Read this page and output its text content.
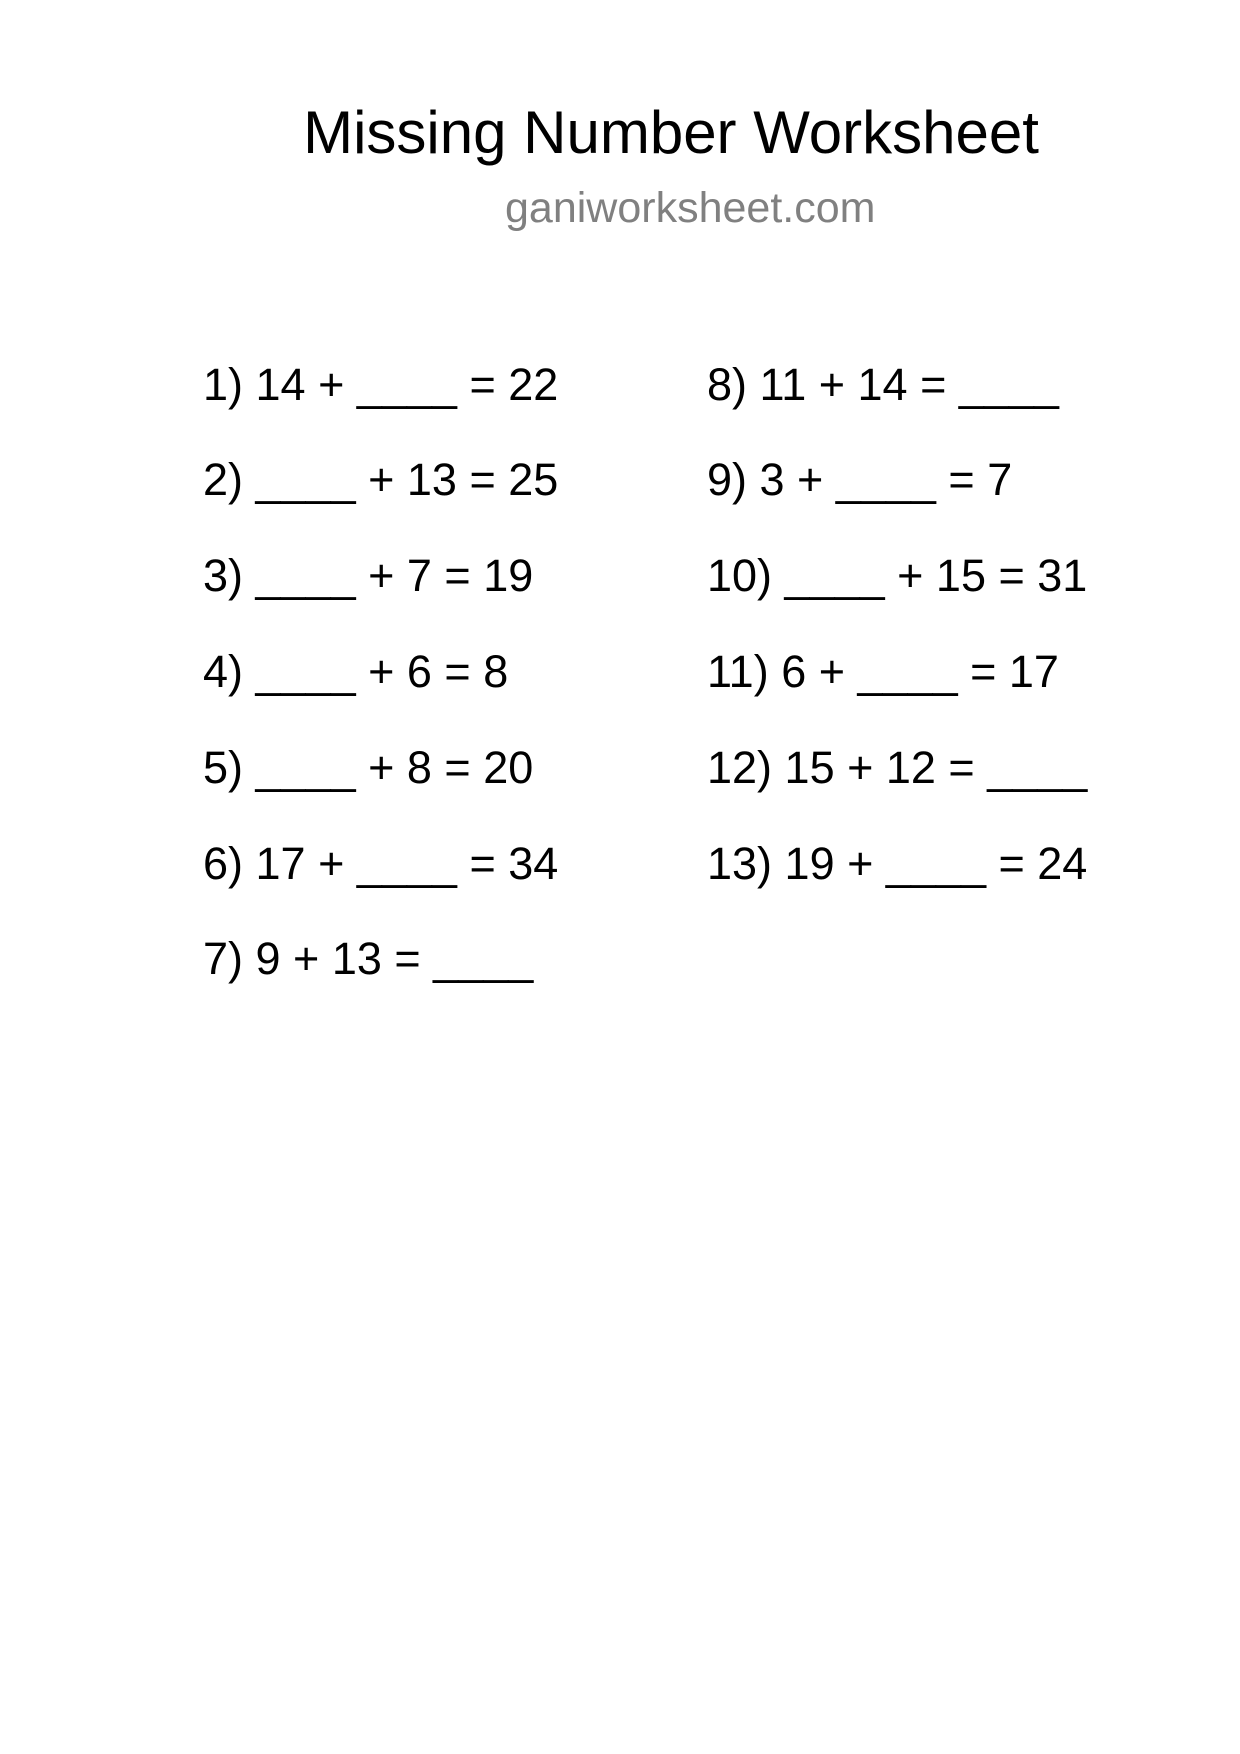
Missing Number Worksheet
ganiworksheet.com
1) 14 + ____ = 22
2) ____ + 13 = 25
3) ____ + 7 = 19
4) ____ + 6 = 8
5) ____ + 8 = 20
6) 17 + ____ = 34
7) 9 + 13 = ____
8) 11 + 14 = ____
9) 3 + ____ = 7
10) ____ + 15 = 31
11) 6 + ____ = 17
12) 15 + 12 = ____
13) 19 + ____ = 24
